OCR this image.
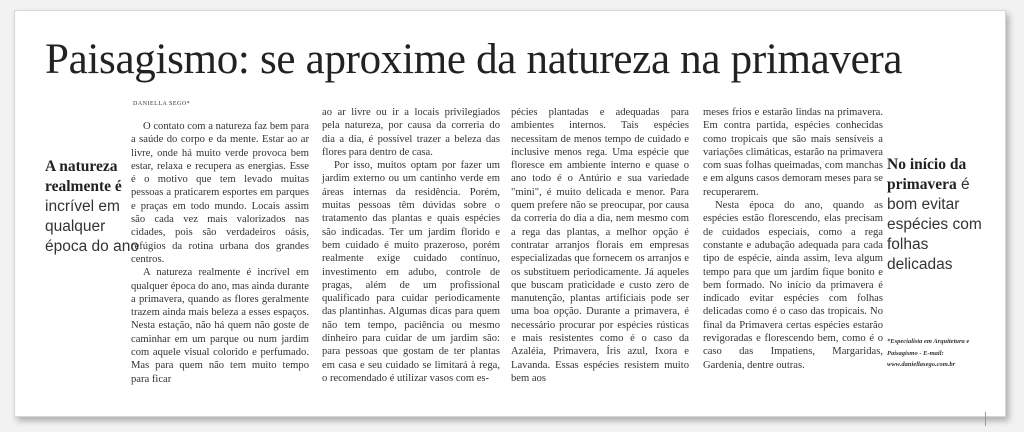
Paisagismo: se aproxime da natureza na primavera
DANIELLA SEGO*
A natureza realmente é incrível em qualquer época do ano

O contato com a natureza faz bem para a saúde do corpo e da mente. Estar ao ar livre, onde há muito verde provoca bem estar, relaxa e recupera as energias. Esse é o motivo que tem levado muitas pessoas a praticarem esportes em parques e praças em todo mundo. Locais assim são cada vez mais valorizados nas cidades, pois são verdadeiros oásis, refúgios da rotina urbana dos grandes centros.

A natureza realmente é incrível em qualquer época do ano, mas ainda durante a primavera, quando as flores geralmente trazem ainda mais beleza a esses espaços. Nesta estação, não há quem não goste de caminhar em um parque ou num jardim com aquele visual colorido e perfumado. Mas para quem não tem muito tempo para ficar

ao ar livre ou ir a locais privilegiados pela natureza, por causa da correria do dia a dia, é possível trazer a beleza das flores para dentro de casa.

Por isso, muitos optam por fazer um jardim externo ou um cantinho verde em áreas internas da residência. Porém, muitas pessoas têm dúvidas sobre o tratamento das plantas e quais espécies são indicadas. Ter um jardim florido e bem cuidado é muito prazeroso, porém realmente exige cuidado contínuo, investimento em adubo, controle de pragas, além de um profissional qualificado para cuidar periodicamente das plantinhas. Algumas dicas para quem não tem tempo, paciência ou mesmo dinheiro para cuidar de um jardim são: para pessoas que gostam de ter plantas em casa e seu cuidado se limitará à rega, o recomendado é utilizar vasos com es-

pécies plantadas e adequadas para ambientes internos. Tais espécies necessitam de menos tempo de cuidado e inclusive menos rega. Uma espécie que floresce em ambiente interno e quase o ano todo é o Antúrio e sua variedade "mini", é muito delicada e menor. Para quem prefere não se preocupar, por causa da correria do dia a dia, nem mesmo com a rega das plantas, a melhor opção é contratar arranjos florais em empresas especializadas que fornecem os arranjos e os substituem periodicamente. Já aqueles que buscam praticidade e custo zero de manutenção, plantas artificiais pode ser uma boa opção. Durante a primavera, é necessário procurar por espécies rústicas e mais resistentes como é o caso da Azaléia, Primavera, Íris azul, Ixora e Lavanda. Essas espécies resistem muito bem aos

meses frios e estarão lindas na primavera. Em contra partida, espécies conhecidas como tropicais que são mais sensíveis a variações climáticas, estarão na primavera com suas folhas queimadas, com manchas e em alguns casos demoram meses para se recuperarem.

Nesta época do ano, quando as espécies estão florescendo, elas precisam de cuidados especiais, como a rega constante e adubação adequada para cada tipo de espécie, ainda assim, leva algum tempo para que um jardim fique bonito e bem formado. No início da primavera é indicado evitar espécies com folhas delicadas como é o caso das tropicais. No final da Primavera certas espécies estarão revigoradas e florescendo bem, como é o caso das Impatiens, Margaridas, Gardenia, dentre outras.

No início da primavera é bom evitar espécies com folhas delicadas
*Especialista em Arquitetura e Paisagismo - E-mail: www.daniellasego.com.br
